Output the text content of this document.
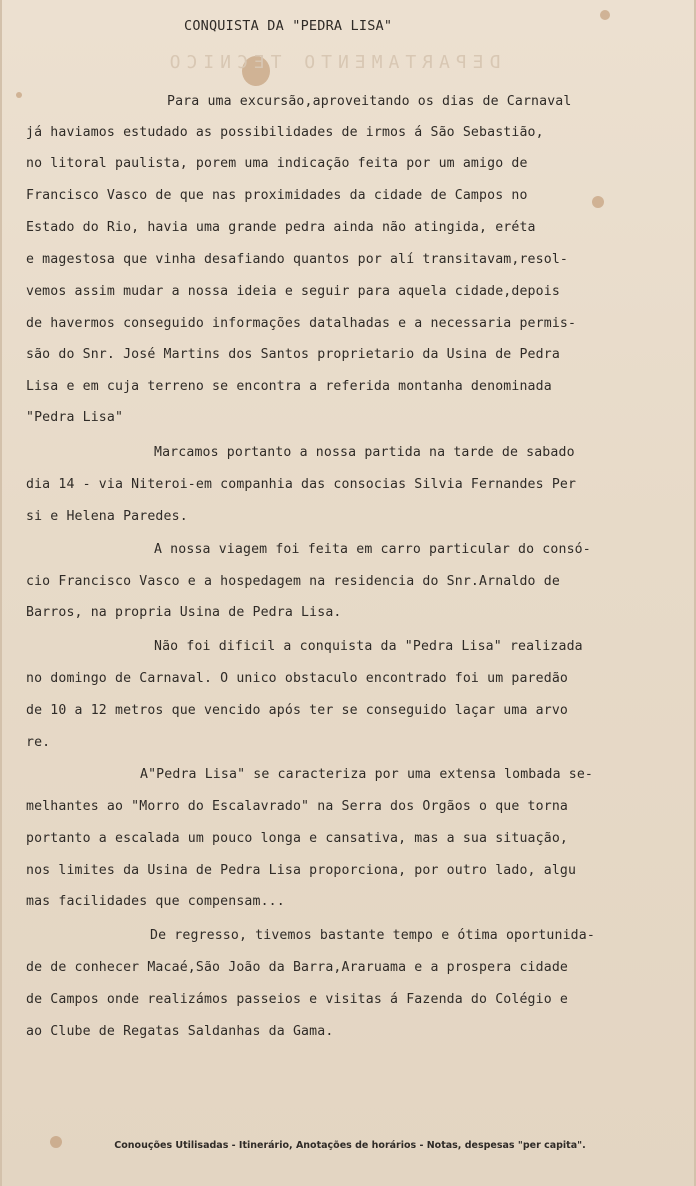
DEPARTAMENTO TECNICO
CONQUISTA DA "PEDRA LISA"
Para uma excursão,aproveitando os dias de Carnaval
já haviamos estudado as possibilidades de irmos á São Sebastião,
no litoral paulista, porem uma indicação feita por um amigo de
Francisco Vasco de que nas proximidades da cidade de Campos no
Estado do Rio, havia uma grande pedra ainda não atingida, eréta
e magestosa que vinha desafiando quantos por alí transitavam,resol-
vemos assim mudar a nossa ideia e seguir para aquela cidade,depois
de havermos conseguido informações datalhadas e a necessaria permis-
são do Snr. José Martins dos Santos proprietario da Usina de Pedra
Lisa e em cuja terreno se encontra a referida montanha denominada
"Pedra Lisa"
Marcamos portanto a nossa partida na tarde de sabado
dia 14 - via Niteroi-em companhia das consocias Silvia Fernandes Per
si e Helena Paredes.
A nossa viagem foi feita em carro particular do consó-
cio Francisco Vasco e a hospedagem na residencia do Snr.Arnaldo de
Barros, na propria Usina de Pedra Lisa.
Não foi dificil a conquista da "Pedra Lisa" realizada
no domingo de Carnaval. O unico obstaculo encontrado foi um paredão
de 10 a 12 metros que vencido após ter se conseguido laçar uma arvo
re.
A"Pedra Lisa" se caracteriza por uma extensa lombada se-
melhantes ao "Morro do Escalavrado" na Serra dos Orgãos o que torna
portanto a escalada um pouco longa e cansativa, mas a sua situação,
nos limites da Usina de Pedra Lisa proporciona, por outro lado, algu
mas facilidades que compensam...
De regresso, tivemos bastante tempo e ótima oportunida-
de de conhecer Macaé,São João da Barra,Araruama e a prospera cidade
de Campos onde realizámos passeios e visitas á Fazenda do Colégio e
ao Clube de Regatas Saldanhas da Gama.
Conouções Utilisadas - Itinerário, Anotações de horários - Notas, despesas "per capita".
